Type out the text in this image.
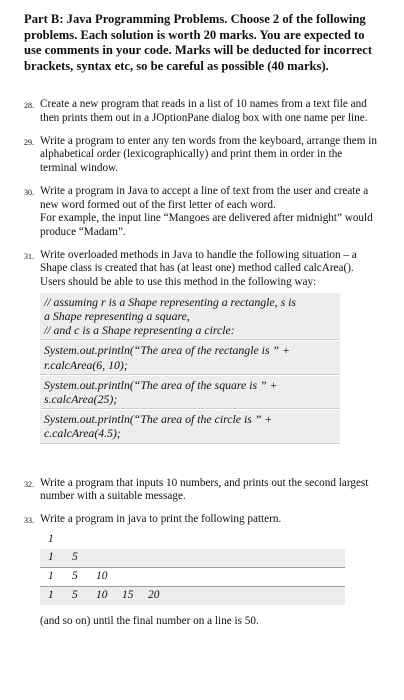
Part B: Java Programming Problems. Choose 2 of the following problems. Each solution is worth 20 marks. You are expected to use comments in your code. Marks will be deducted for incorrect brackets, syntax etc, so be careful as possible (40 marks).
28. Create a new program that reads in a list of 10 names from a text file and then prints them out in a JOptionPane dialog box with one name per line.
29. Write a program to enter any ten words from the keyboard, arrange them in alphabetical order (lexicographically) and print them in order in the terminal window.
30. Write a program in Java to accept a line of text from the user and create a new word formed out of the first letter of each word.
For example, the input line “Mangoes are delivered after midnight” would produce “Madam”.
31. Write overloaded methods in Java to handle the following situation – a Shape class is created that has (at least one) method called calcArea(). Users should be able to use this method in the following way:
// assuming r is a Shape representing a rectangle, s is
a Shape representing a square,
// and c is a Shape representing a circle:
System.out.println(“The area of the rectangle is ” +
r.calcArea(6, 10);
System.out.println(“The area of the square is ” +
s.calcArea(25);
System.out.println(“The area of the circle is ” +
c.calcArea(4.5);
32. Write a program that inputs 10 numbers, and prints out the second largest number with a suitable message.
33. Write a program in java to print the following pattern.
1
1	5
1	5	10
1	5	10	15	20
(and so on) until the final number on a line is 50.
